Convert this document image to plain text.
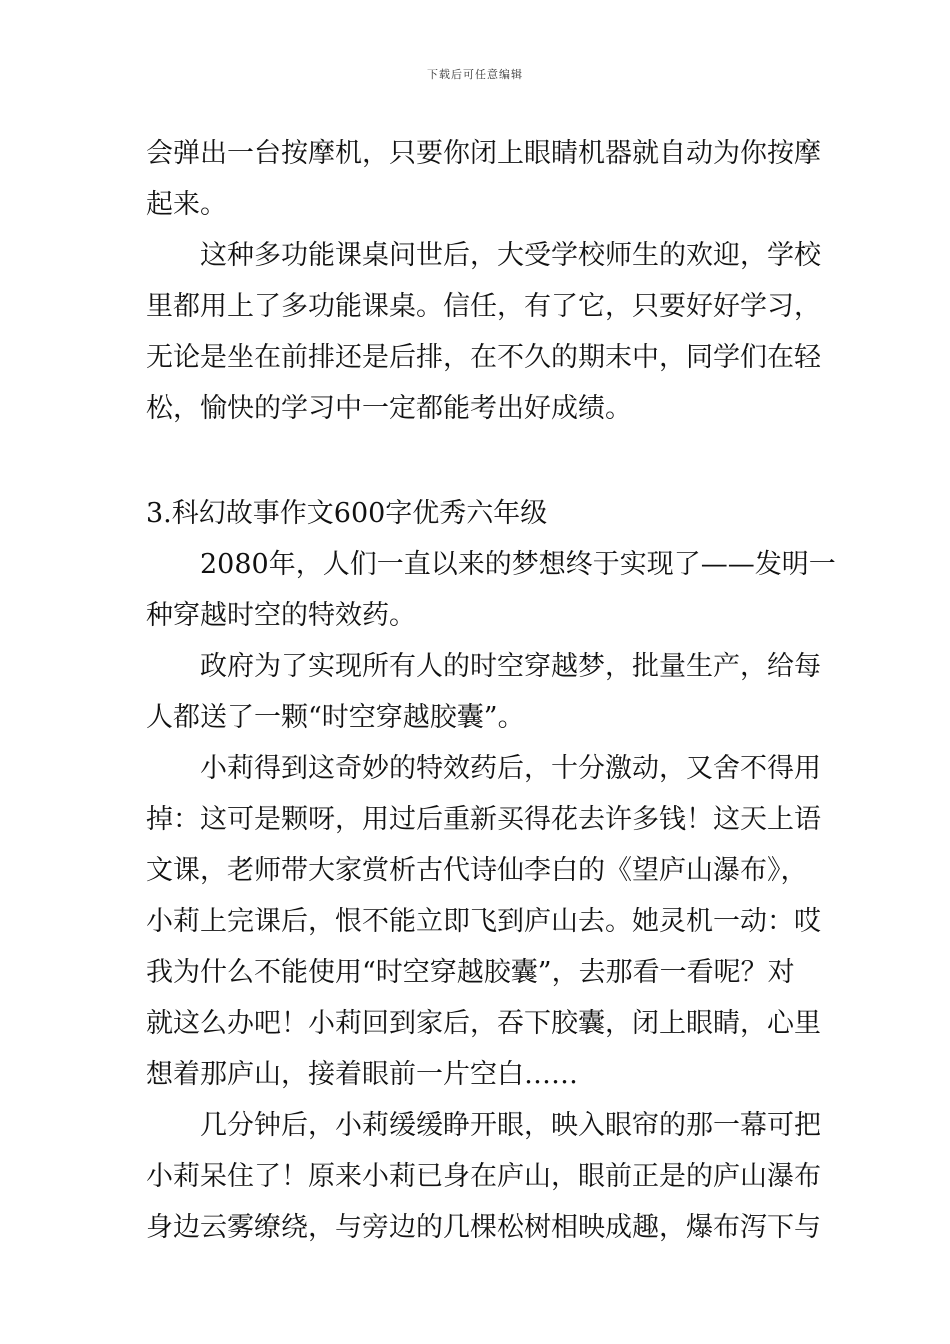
下载后可任意编辑
会弹出一台按摩机，只要你闭上眼睛机器就自动为你按摩
起来。
这种多功能课桌问世后，大受学校师生的欢迎，学校
里都用上了多功能课桌。信任，有了它，只要好好学习，
无论是坐在前排还是后排，在不久的期末中，同学们在轻
松，愉快的学习中一定都能考出好成绩。
3.科幻故事作文600字优秀六年级
2080年，人们一直以来的梦想终于实现了——发明一
种穿越时空的特效药。
政府为了实现所有人的时空穿越梦，批量生产，给每
人都送了一颗“时空穿越胶囊”。
小莉得到这奇妙的特效药后，十分激动，又舍不得用
掉：这可是颗呀，用过后重新买得花去许多钱！这天上语
文课，老师带大家赏析古代诗仙李白的《望庐山瀑布》，
小莉上完课后，恨不能立即飞到庐山去。她灵机一动：哎
我为什么不能使用“时空穿越胶囊”，去那看一看呢？对
就这么办吧！小莉回到家后，吞下胶囊，闭上眼睛，心里
想着那庐山，接着眼前一片空白……
几分钟后，小莉缓缓睁开眼，映入眼帘的那一幕可把
小莉呆住了！原来小莉已身在庐山，眼前正是的庐山瀑布
身边云雾缭绕，与旁边的几棵松树相映成趣，爆布泻下与
